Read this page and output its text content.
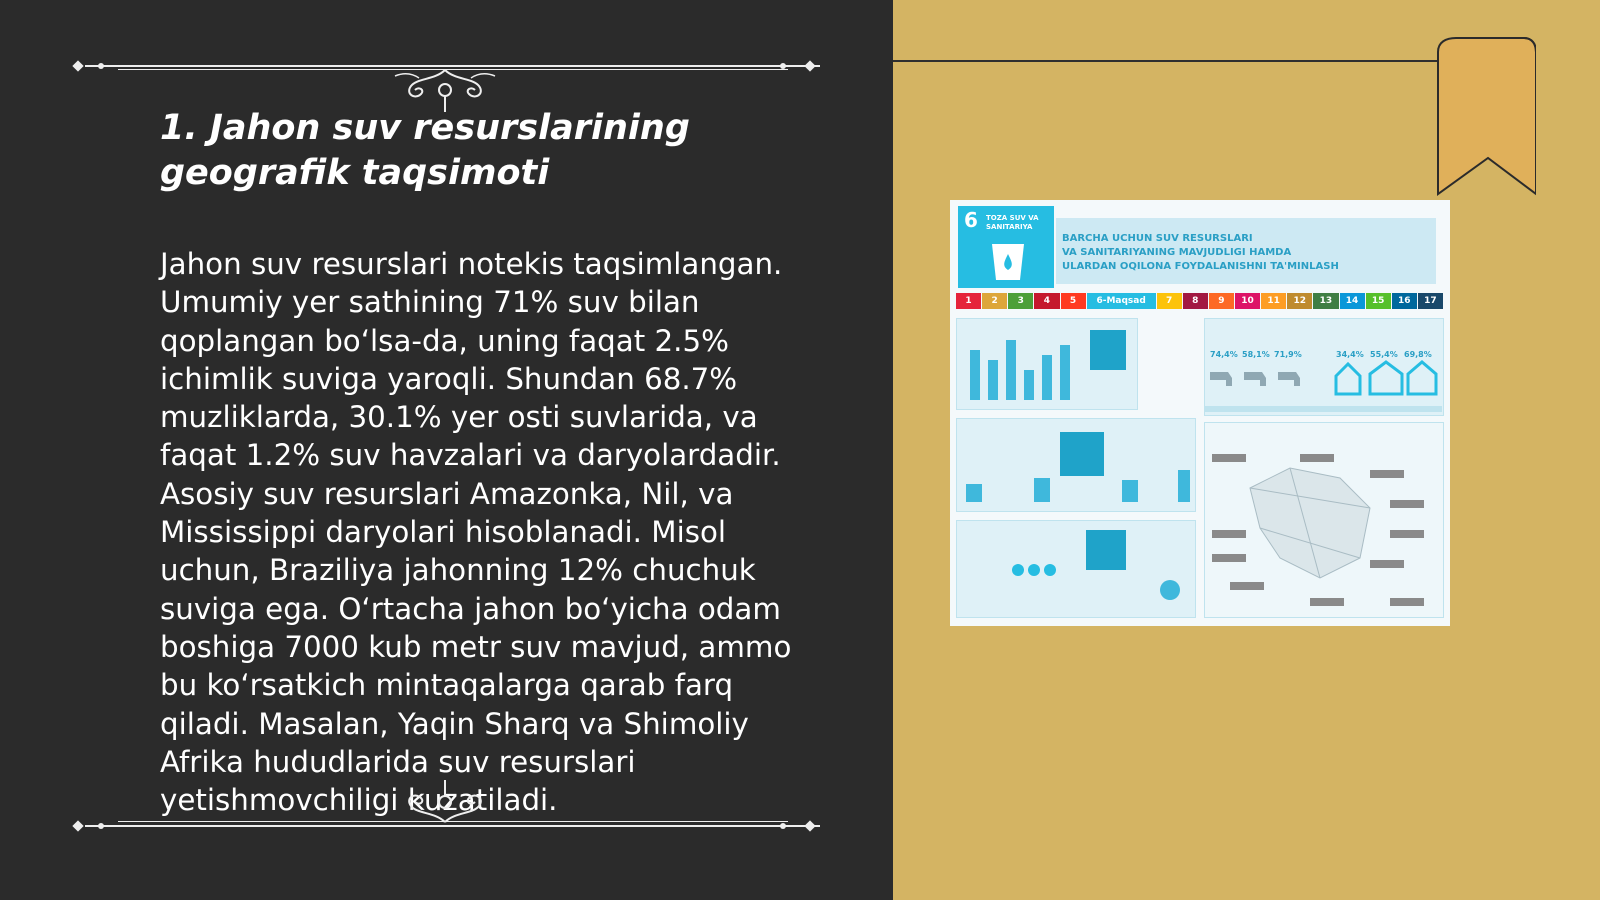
1. Jahon suv resurslarining geografik taqsimoti

Jahon suv resurslari notekis taqsimlangan. Umumiy yer sathining 71% suv bilan qoplangan bo‘lsa-da, uning faqat 2.5% ichimlik suviga yaroqli. Shundan 68.7% muzliklarda, 30.1% yer osti suvlarida, va faqat 1.2% suv havzalari va daryolardadir. Asosiy suv resurslari Amazonka, Nil, va Mississippi daryolari hisoblanadi. Misol uchun, Braziliya jahonning 12% chuchuk suviga ega. O‘rtacha jahon bo‘yicha odam boshiga 7000 kub metr suv mavjud, ammo bu ko‘rsatkich mintaqalarga qarab farq qiladi. Masalan, Yaqin Sharq va Shimoliy Afrika hududlarida suv resurslari yetishmovchiligi kuzatiladi.

6 TOZA SUV VA SANITARIYA
BARCHA UCHUN SUV RESURSLARI
VA SANITARIYANING MAVJUDLIGI HAMDA
ULARDAN OQILONA FOYDALANISHNI TA'MINLASH
74,4% 58,1% 71,9%	34,4% 55,4% 69,8%
1	2	3	4	5	6-Maqsad	7	8	9	10	11	12	13	14	15	16	17
